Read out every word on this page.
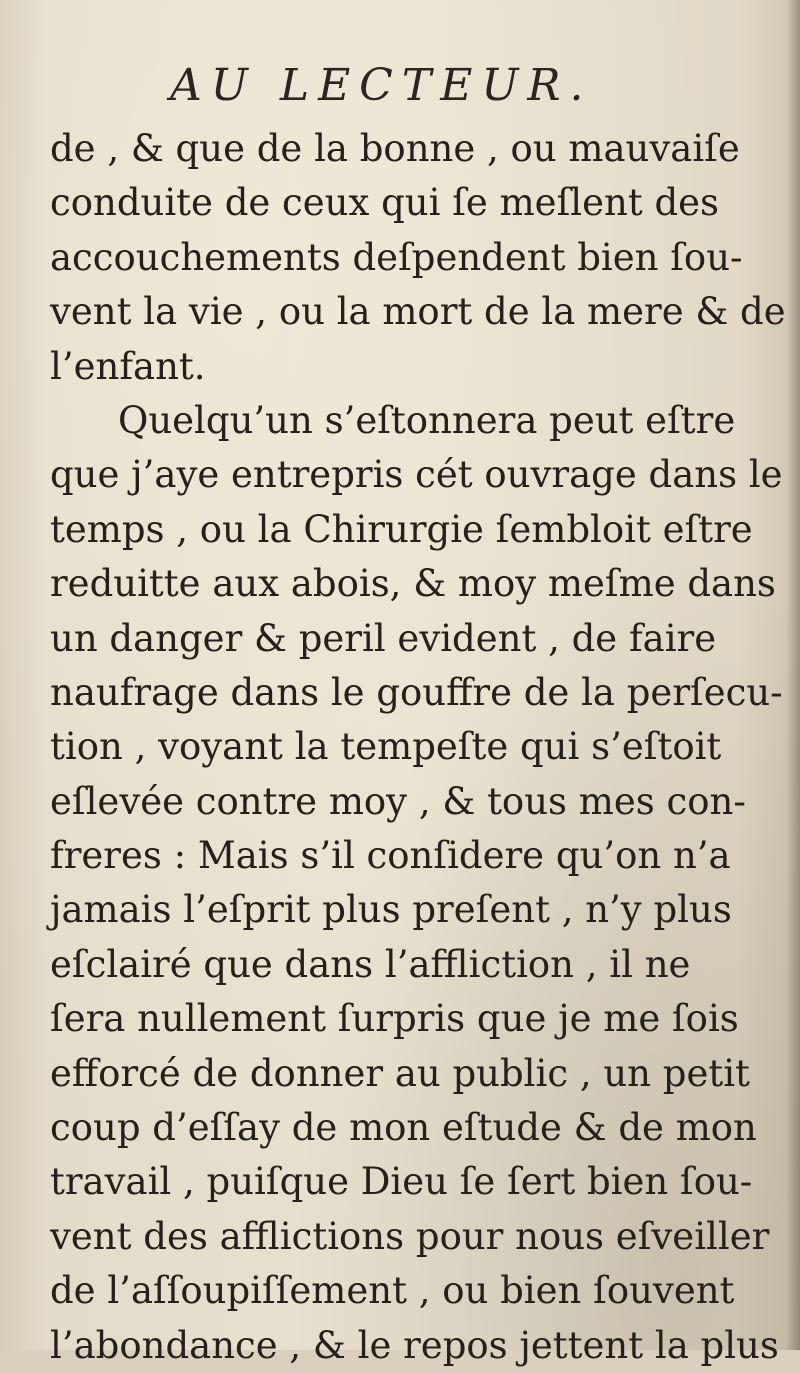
AU LECTEUR.
de , & que de la bonne , ou mauvaiſe
conduite de ceux qui ſe meſlent des
accouchements deſpendent bien ſou-
vent la vie , ou la mort de la mere & de
l’enfant.
Quelqu’un s’eſtonnera peut eſtre
que j’aye entrepris cét ouvrage dans le
temps , ou la Chirurgie ſembloit eſtre
reduitte aux abois, & moy meſme dans
un danger & peril evident , de faire
naufrage dans le gouffre de la perſecu-
tion , voyant la tempeſte qui s’eſtoit
eſlevée contre moy , & tous mes con-
freres : Mais s’il conſidere qu’on n’a
jamais l’eſprit plus preſent , n’y plus
eſclairé que dans l’affliction , il ne
ſera nullement ſurpris que je me ſois
efforcé de donner au public , un petit
coup d’eſſay de mon eſtude & de mon
travail , puiſque Dieu ſe ſert bien ſou-
vent des afflictions pour nous eſveiller
de l’aſſoupiſſement , ou bien ſouvent
l’abondance , & le repos jettent la plus
